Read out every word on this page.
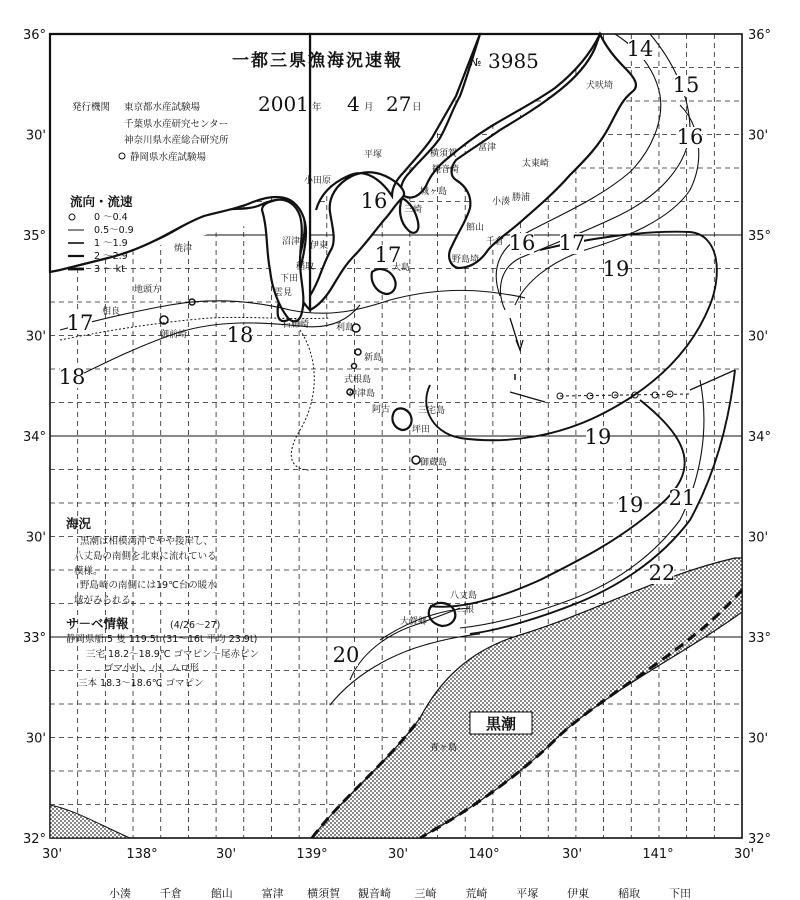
黒潮
一都三県漁海況速報	№ 3985
発行機関 東京都水産試験場
千葉県水産研究センター
神奈川県水産総合研究所
静岡県水産試験場
2001 年 4 月 27 日
流向・流速
0 ～0.4
0.5～0.9
1 ～1.9
2 ～2.9
3 ～ kt
36°
30'
35°
30'
34°
30'
33°
30'
32°
36°
30'
35°
30'
34°
30'
33°
30'
32°
30'	138°	30'	139°	30'	140°	30'	141°	30'
14
15
16
16
16
17
17	17
18
18
19
19
19
20
21
22
犬吠埼
太東崎
勝浦
小湊
千倉
野島埼
館山
富津
横須賀
観音崎
三崎
城ヶ島
平塚
小田原
伊東
稲取
下田
大島
利島
新島
式根島
神津島
三宅島
阿古
坪田
御蔵島
八丈島
三根
大賀郷
青ヶ島
沼津
焼津
御前崎
石廊崎
雲見
地頭方
相良
海況
黒潮は相模湾沖でやや接岸し、
八丈島の南側を北東に流れている
模様。
野島崎の南側には19℃台の暖水
域がみられる。
サ－ベ情報	(4/26～27)
静岡県船 5 隻 119.5t (31～16t 平均 23.9t)
三宅 18.2～18.9℃ ゴマピン～尾赤ピン
ゴマ小小、小、ムロ形
三本 18.3～18.6℃ ゴマピン
小湊	千倉	館山	富津 横須賀 観音崎 三崎	荒崎	平塚	伊東	稲取	下田
